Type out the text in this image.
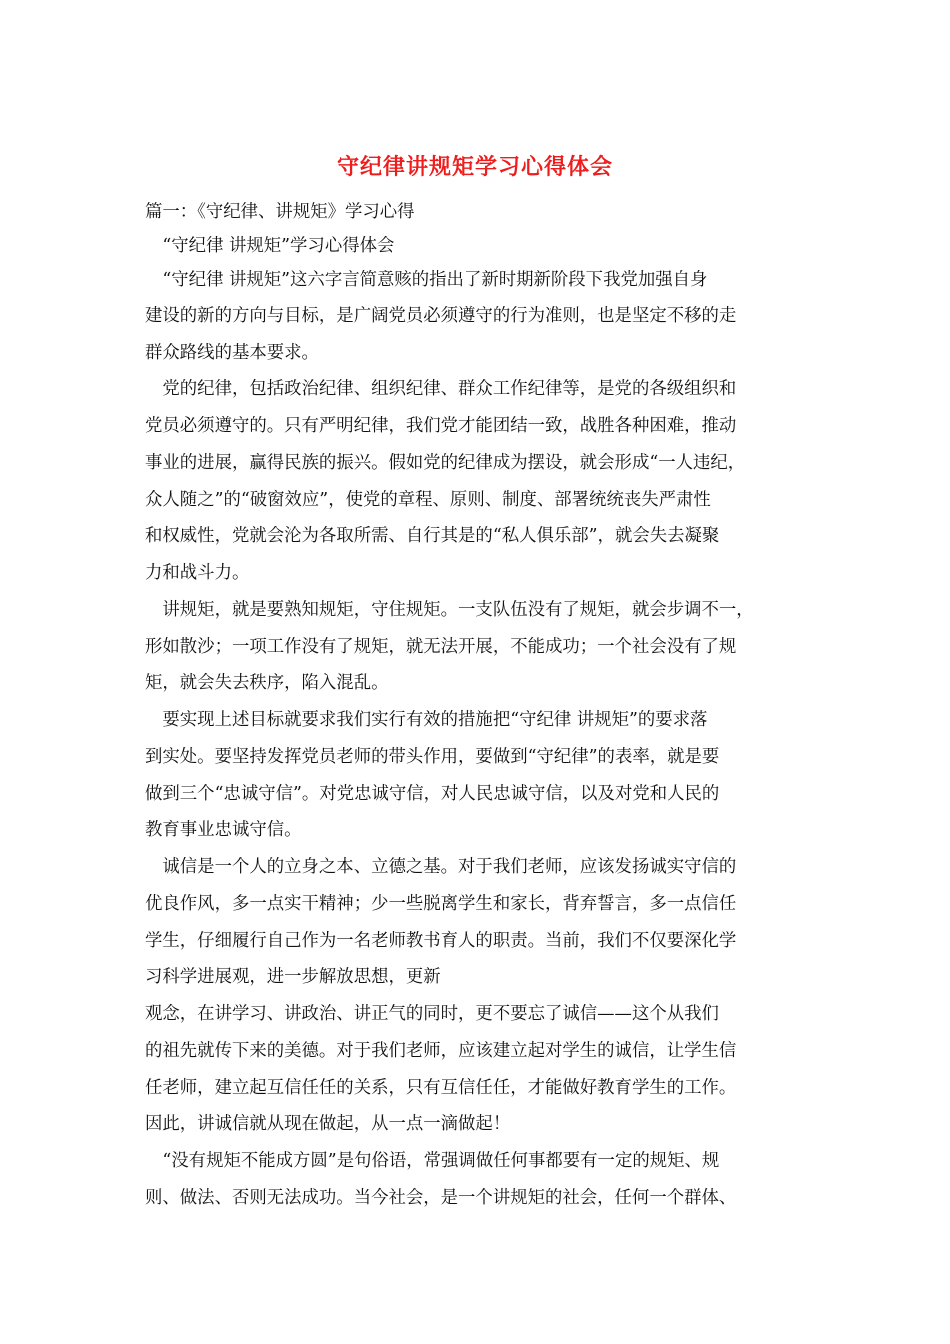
守纪律讲规矩学习心得体会
篇一：《守纪律、讲规矩》学习心得
　“守纪律 讲规矩”学习心得体会
　“守纪律 讲规矩”这六字言简意赅的指出了新时期新阶段下我党加强自身
建设的新的方向与目标，是广阔党员必须遵守的行为准则，也是坚定不移的走
群众路线的基本要求。
　党的纪律，包括政治纪律、组织纪律、群众工作纪律等，是党的各级组织和
党员必须遵守的。只有严明纪律，我们党才能团结一致，战胜各种困难，推动
事业的进展，赢得民族的振兴。假如党的纪律成为摆设，就会形成“一人违纪，
众人随之”的“破窗效应”，使党的章程、原则、制度、部署统统丧失严肃性
和权威性，党就会沦为各取所需、自行其是的“私人俱乐部”，就会失去凝聚
力和战斗力。
　讲规矩，就是要熟知规矩，守住规矩。一支队伍没有了规矩，就会步调不一，
形如散沙；一项工作没有了规矩，就无法开展，不能成功；一个社会没有了规
矩，就会失去秩序，陷入混乱。
　要实现上述目标就要求我们实行有效的措施把“守纪律 讲规矩”的要求落
到实处。要坚持发挥党员老师的带头作用，要做到“守纪律”的表率，就是要
做到三个“忠诚守信”。对党忠诚守信，对人民忠诚守信，以及对党和人民的
教育事业忠诚守信。
　诚信是一个人的立身之本、立德之基。对于我们老师，应该发扬诚实守信的
优良作风，多一点实干精神；少一些脱离学生和家长，背弃誓言，多一点信任
学生，仔细履行自己作为一名老师教书育人的职责。当前，我们不仅要深化学
习科学进展观，进一步解放思想，更新
观念，在讲学习、讲政治、讲正气的同时，更不要忘了诚信——这个从我们
的祖先就传下来的美德。对于我们老师，应该建立起对学生的诚信，让学生信
任老师，建立起互信任任的关系，只有互信任任，才能做好教育学生的工作。
因此，讲诚信就从现在做起，从一点一滴做起！
　“没有规矩不能成方圆”是句俗语，常强调做任何事都要有一定的规矩、规
则、做法、否则无法成功。当今社会，是一个讲规矩的社会，任何一个群体、
